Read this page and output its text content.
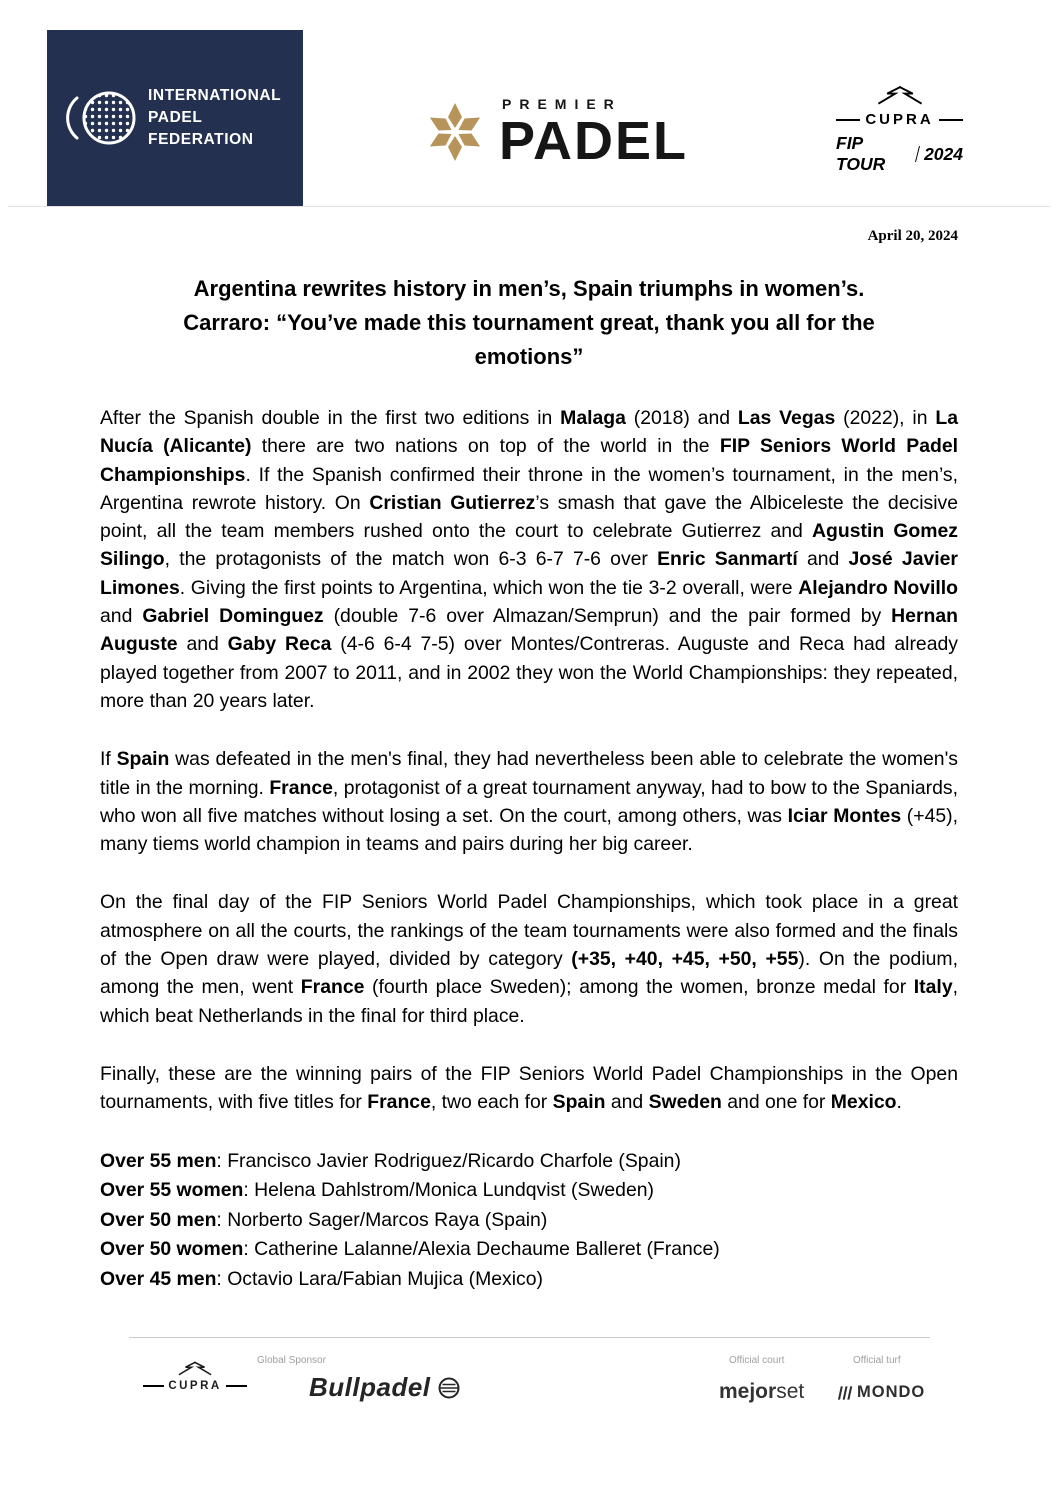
INTERNATIONAL
PADEL
FEDERATION
PREMIER
PADEL	CUPRA
FIP TOUR
2024
April 20, 2024
Argentina rewrites history in men’s, Spain triumphs in women’s.
Carraro: “You’ve made this tournament great, thank you all for the
emotions”

After the Spanish double in the first two editions in Malaga (2018) and Las Vegas (2022), in La Nucía (Alicante) there are two nations on top of the world in the FIP Seniors World Padel Championships. If the Spanish confirmed their throne in the women’s tournament, in the men’s, Argentina rewrote history. On Cristian Gutierrez’s smash that gave the Albiceleste the decisive point, all the team members rushed onto the court to celebrate Gutierrez and Agustin Gomez Silingo, the protagonists of the match won 6-3 6-7 7-6 over Enric Sanmartí and José Javier Limones. Giving the first points to Argentina, which won the tie 3-2 overall, were Alejandro Novillo and Gabriel Dominguez (double 7-6 over Almazan/Semprun) and the pair formed by Hernan Auguste and Gaby Reca (4-6 6-4 7-5) over Montes/Contreras. Auguste and Reca had already played together from 2007 to 2011, and in 2002 they won the World Championships: they repeated, more than 20 years later.

If Spain was defeated in the men's final, they had nevertheless been able to celebrate the women's title in the morning. France, protagonist of a great tournament anyway, had to bow to the Spaniards, who won all five matches without losing a set. On the court, among others, was Iciar Montes (+45), many tiems world champion in teams and pairs during her big career.

On the final day of the FIP Seniors World Padel Championships, which took place in a great atmosphere on all the courts, the rankings of the team tournaments were also formed and the finals of the Open draw were played, divided by category (+35, +40, +45, +50, +55). On the podium, among the men, went France (fourth place Sweden); among the women, bronze medal for Italy, which beat Netherlands in the final for third place.

Finally, these are the winning pairs of the FIP Seniors World Padel Championships in the Open tournaments, with five titles for France, two each for Spain and Sweden and one for Mexico.

Over 55 men: Francisco Javier Rodriguez/Ricardo Charfole (Spain)

Over 55 women: Helena Dahlstrom/Monica Lundqvist (Sweden)

Over 50 men: Norberto Sager/Marcos Raya (Spain)

Over 50 women: Catherine Lalanne/Alexia Dechaume Balleret (France)

Over 45 men: Octavio Lara/Fabian Mujica (Mexico)

Global Sponsor	Official court	Official turf
CUPRA	Bullpadel	mejorset	MONDO
